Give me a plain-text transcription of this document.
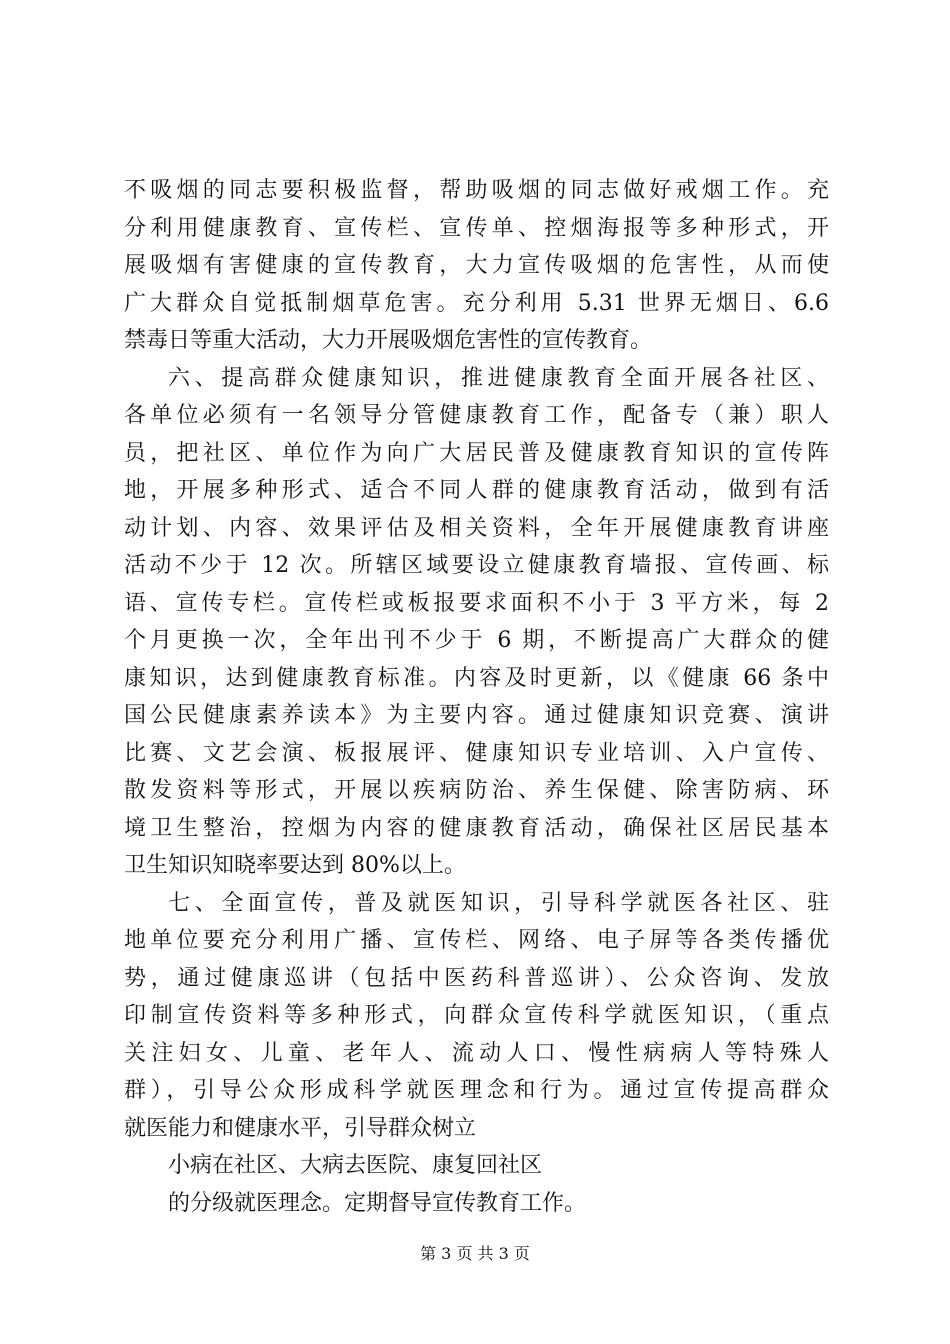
不吸烟的同志要积极监督，帮助吸烟的同志做好戒烟工作。充
分利用健康教育、宣传栏、宣传单、控烟海报等多种形式，开
展吸烟有害健康的宣传教育，大力宣传吸烟的危害性，从而使
广大群众自觉抵制烟草危害。充分利用 5.31 世界无烟日、6.6
禁毒日等重大活动，大力开展吸烟危害性的宣传教育。
六、提高群众健康知识，推进健康教育全面开展各社区、
各单位必须有一名领导分管健康教育工作，配备专（兼）职人
员，把社区、单位作为向广大居民普及健康教育知识的宣传阵
地，开展多种形式、适合不同人群的健康教育活动，做到有活
动计划、内容、效果评估及相关资料，全年开展健康教育讲座
活动不少于 12 次。所辖区域要设立健康教育墙报、宣传画、标
语、宣传专栏。宣传栏或板报要求面积不小于 3 平方米，每 2
个月更换一次，全年出刊不少于 6 期，不断提高广大群众的健
康知识，达到健康教育标准。内容及时更新，以《健康 66 条中
国公民健康素养读本》为主要内容。通过健康知识竞赛、演讲
比赛、文艺会演、板报展评、健康知识专业培训、入户宣传、
散发资料等形式，开展以疾病防治、养生保健、除害防病、环
境卫生整治，控烟为内容的健康教育活动，确保社区居民基本
卫生知识知晓率要达到 80%以上。
七、全面宣传，普及就医知识，引导科学就医各社区、驻
地单位要充分利用广播、宣传栏、网络、电子屏等各类传播优
势，通过健康巡讲（包括中医药科普巡讲）、公众咨询、发放
印制宣传资料等多种形式，向群众宣传科学就医知识，（重点
关注妇女、儿童、老年人、流动人口、慢性病病人等特殊人
群），引导公众形成科学就医理念和行为。通过宣传提高群众
就医能力和健康水平，引导群众树立
小病在社区、大病去医院、康复回社区
的分级就医理念。定期督导宣传教育工作。
第 3 页 共 3 页
